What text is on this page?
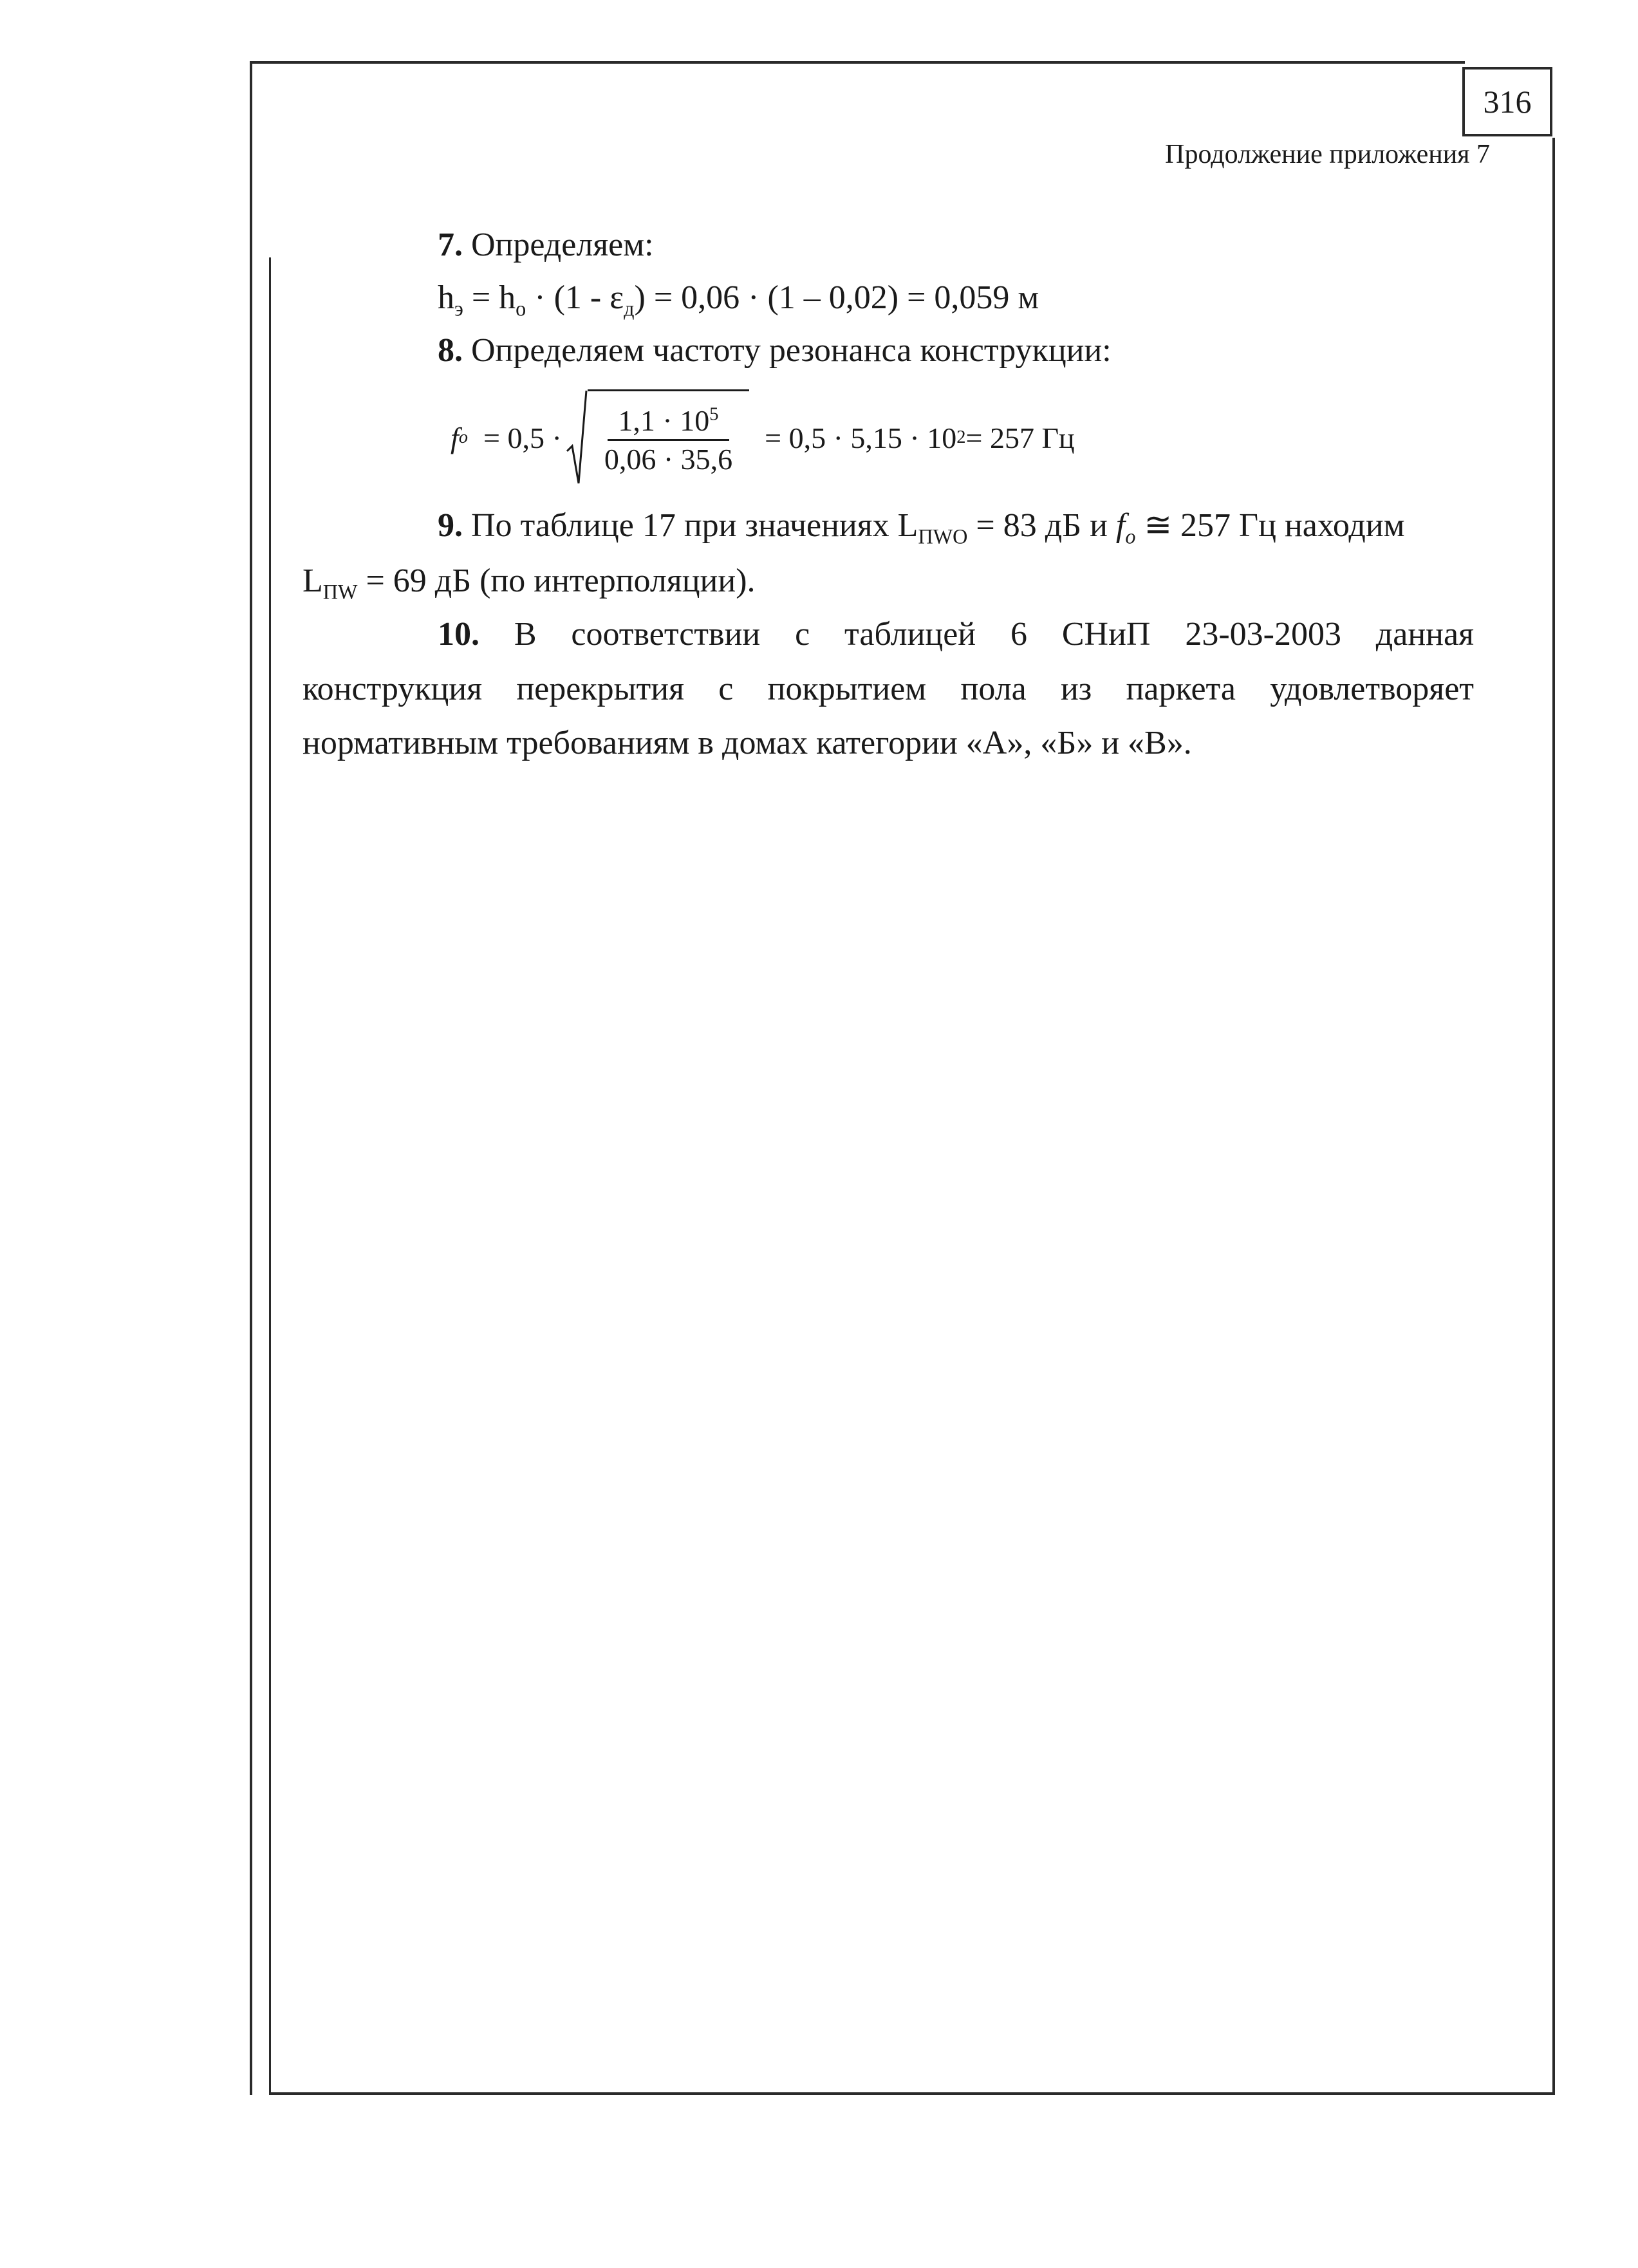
316
Продолжение приложения 7
7. Определяем:
$h_э = h_о \cdot (1 - \varepsilon_д) = 0,06 \cdot (1 - 0,02) = 0,059$ м
8. Определяем частоту резонанса конструкции:
f $o = 0,5 \cdot \frac{1,1 \cdot 10^5}{0,06 \cdot 35,6} = 0,5 \cdot 5,15 \cdot 10$ 2 = 257 Гц
9. По таблице 17 при значениях $L_{ПWO} = 83$ дБ и $f_o$ ≅ 257 Гц находим
$L_{ПW} = 69$ дБ (по интерполяции).
10. В соответствии с таблицей 6 СНиП 23-03-2003 данная
конструкция перекрытия с покрытием пола из паркета удовлетворяет
нормативным требованиям в домах категории «А», «Б» и «В».
